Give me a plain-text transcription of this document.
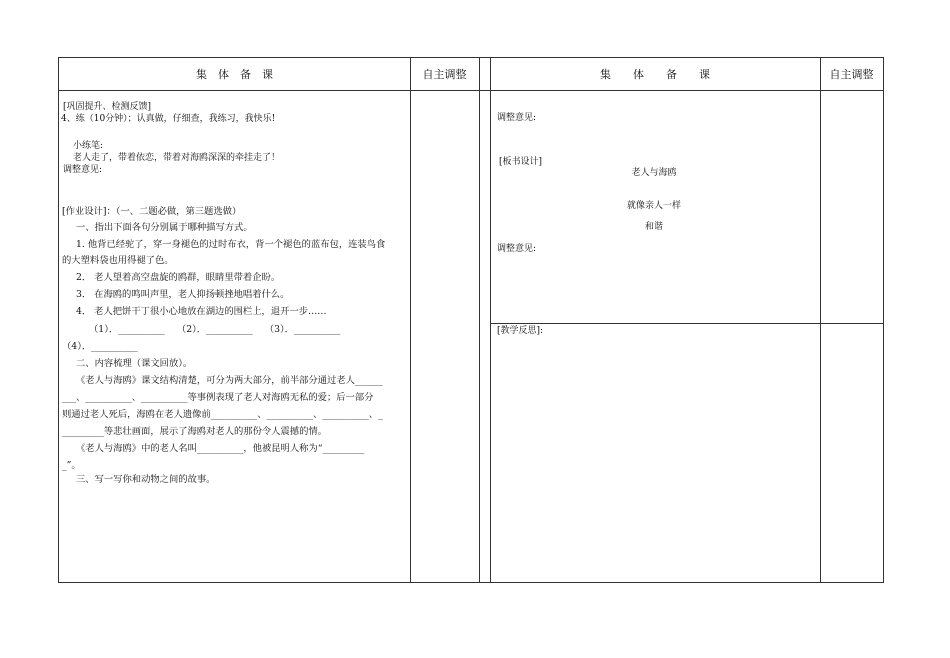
集　体　备　课	自主调整	集　　体　　备　　课	自主调整
[巩固提升、检测反馈]
4、练（10分钟）；认真做，仔细查，我练习，我快乐!
小练笔:
老人走了，带着依恋，带着对海鸥深深的牵挂走了！
调整意见:
[作业设计]：（一、二题必做，第三题选做）
一、指出下面各句分别属于哪种描写方式。
1. 他背已经驼了，穿一身褪色的过时布衣，背一个褪色的蓝布包，连装鸟食
的大塑料袋也用得褪了色。
2． 老人望着高空盘旋的鸥群，眼睛里带着企盼。
3． 在海鸥的鸣叫声里，老人抑扬顿挫地唱着什么。
4． 老人把饼干丁很小心地放在湖边的围栏上，退开一步……
（1）．__________　 （2）．__________　 （3）．__________
（4）．__________
二、内容梳理（课文回放）。
《老人与海鸥》课文结构清楚，可分为两大部分，前半部分通过老人______
___、__________、__________等事例表现了老人对海鸥无私的爱；后一部分
则通过老人死后，海鸥在老人遗像前__________、__________、__________、_
_________等悲壮画面，展示了海鸥对老人的那份令人震撼的情。
《老人与海鸥》中的老人名叫__________，他被昆明人称为“_________
_”。
三、写一写你和动物之间的故事。
调整意见:
[板书设计]
老人与海鸥
就像亲人一样
和谐
调整意见:
[教学反思]:
